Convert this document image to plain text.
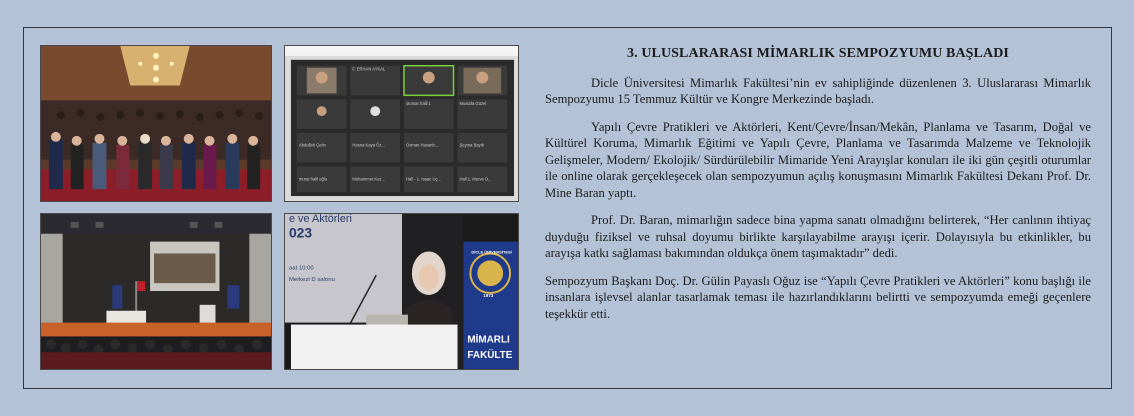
F. ERHAN AYKAL
otomar halil 1	Mustafa Güzel
Abdullah Çetin	Hasna Kaya Öz...	Osman Hasanb...	Şeyma Bayık
murat halil oğlu	Muhammet Koz...	Hall - 1. Isaac Uç...	Hall 1. Merve D...
e ve Aktörleri
023
aat 10:00
Merkezi D salonu
DİCLE ÜNİVERSİTESİ
1973
MİMARLI
FAKÜLTE
3. ULUSLARARASI MİMARLIK SEMPOZYUMU BAŞLADI

Dicle Üniversitesi Mimarlık Fakültesi’nin ev sahipliğinde düzenlenen 3. Uluslararası Mimarlık Sempozyumu 15 Temmuz Kültür ve Kongre Merkezinde başladı.

Yapılı Çevre Pratikleri ve Aktörleri, Kent/Çevre/İnsan/Mekân, Planlama ve Tasarım, Doğal ve Kültürel Koruma, Mimarlık Eğitimi ve Yapılı Çevre, Planlama ve Tasarımda Malzeme ve Teknolojik Gelişmeler, Modern/ Ekolojik/ Sürdürülebilir Mimaride Yeni Arayışlar konuları ile iki gün çeşitli oturumlar ile online olarak gerçekleşecek olan sempozyumun açılış konuşmasını Mimarlık Fakültesi Dekanı Prof. Dr. Mine Baran yaptı.

Prof. Dr. Baran, mimarlığın sadece bina yapma sanatı olmadığını belirterek, “Her canlının ihtiyaç duyduğu fiziksel ve ruhsal doyumu birlikte karşılayabilme arayışı içerir. Dolayısıyla bu etkinlikler, bu arayışa katkı sağlaması bakımından oldukça önem taşımaktadır” dedi.

Sempozyum Başkanı Doç. Dr. Gülin Payaslı Oğuz ise “Yapılı Çevre Pratikleri ve Aktörleri” konu başlığı ile insanlara işlevsel alanlar tasarlamak teması ile hazırlandıklarını belirtti ve sempozyumda emeği geçenlere teşekkür etti.
